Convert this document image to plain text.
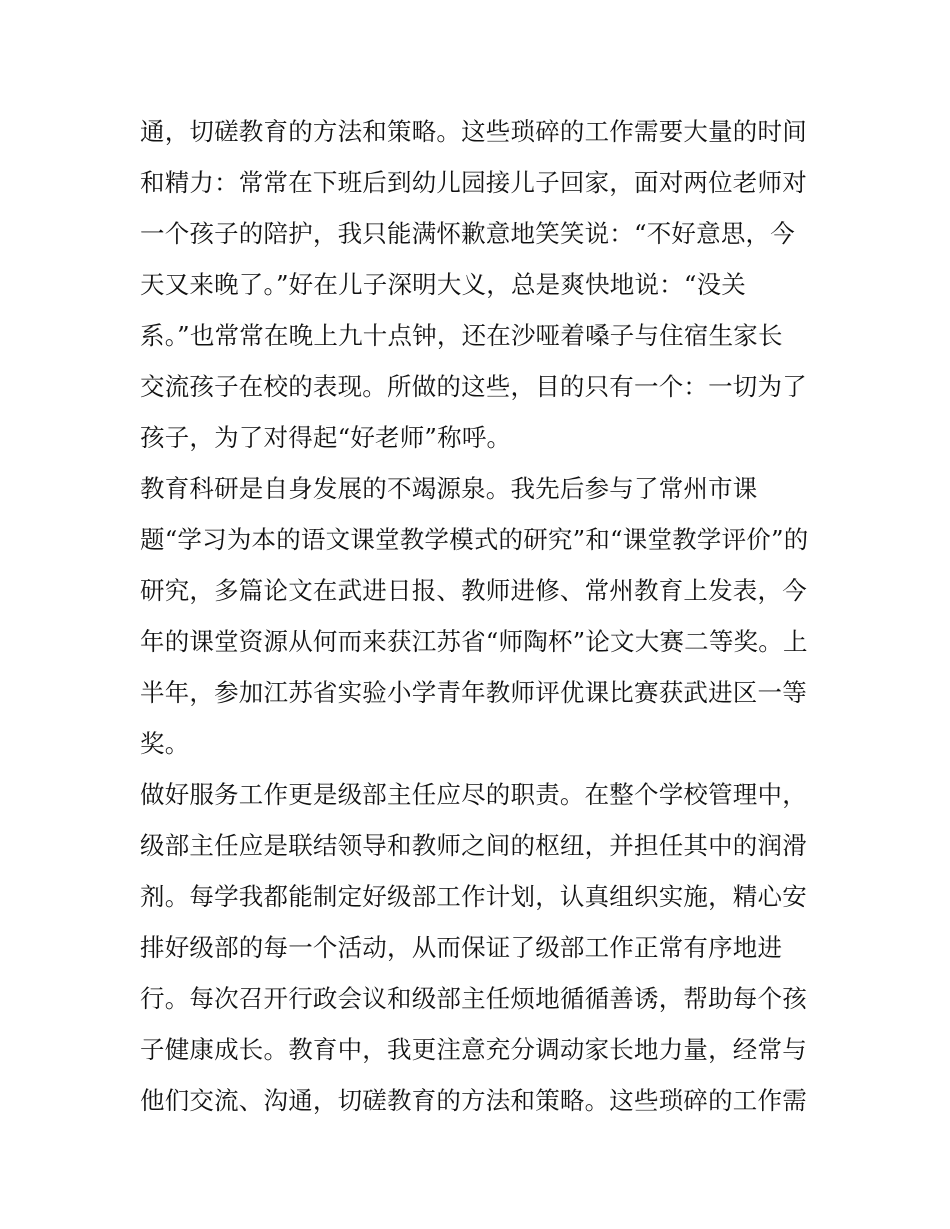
通，切磋教育的方法和策略。这些琐碎的工作需要大量的时间
和精力：常常在下班后到幼儿园接儿子回家，面对两位老师对
一个孩子的陪护，我只能满怀歉意地笑笑说：“不好意思，今
天又来晚了。”好在儿子深明大义，总是爽快地说：“没关
系。”也常常在晚上九十点钟，还在沙哑着嗓子与住宿生家长
交流孩子在校的表现。所做的这些，目的只有一个：一切为了
孩子，为了对得起“好老师”称呼。
教育科研是自身发展的不竭源泉。我先后参与了常州市课
题“学习为本的语文课堂教学模式的研究”和“课堂教学评价”的
研究，多篇论文在武进日报、教师进修、常州教育上发表，今
年的课堂资源从何而来获江苏省“师陶杯”论文大赛二等奖。上
半年，参加江苏省实验小学青年教师评优课比赛获武进区一等
奖。
做好服务工作更是级部主任应尽的职责。在整个学校管理中，
级部主任应是联结领导和教师之间的枢纽，并担任其中的润滑
剂。每学我都能制定好级部工作计划，认真组织实施，精心安
排好级部的每一个活动，从而保证了级部工作正常有序地进
行。每次召开行政会议和级部主任烦地循循善诱，帮助每个孩
子健康成长。教育中，我更注意充分调动家长地力量，经常与
他们交流、沟通，切磋教育的方法和策略。这些琐碎的工作需
